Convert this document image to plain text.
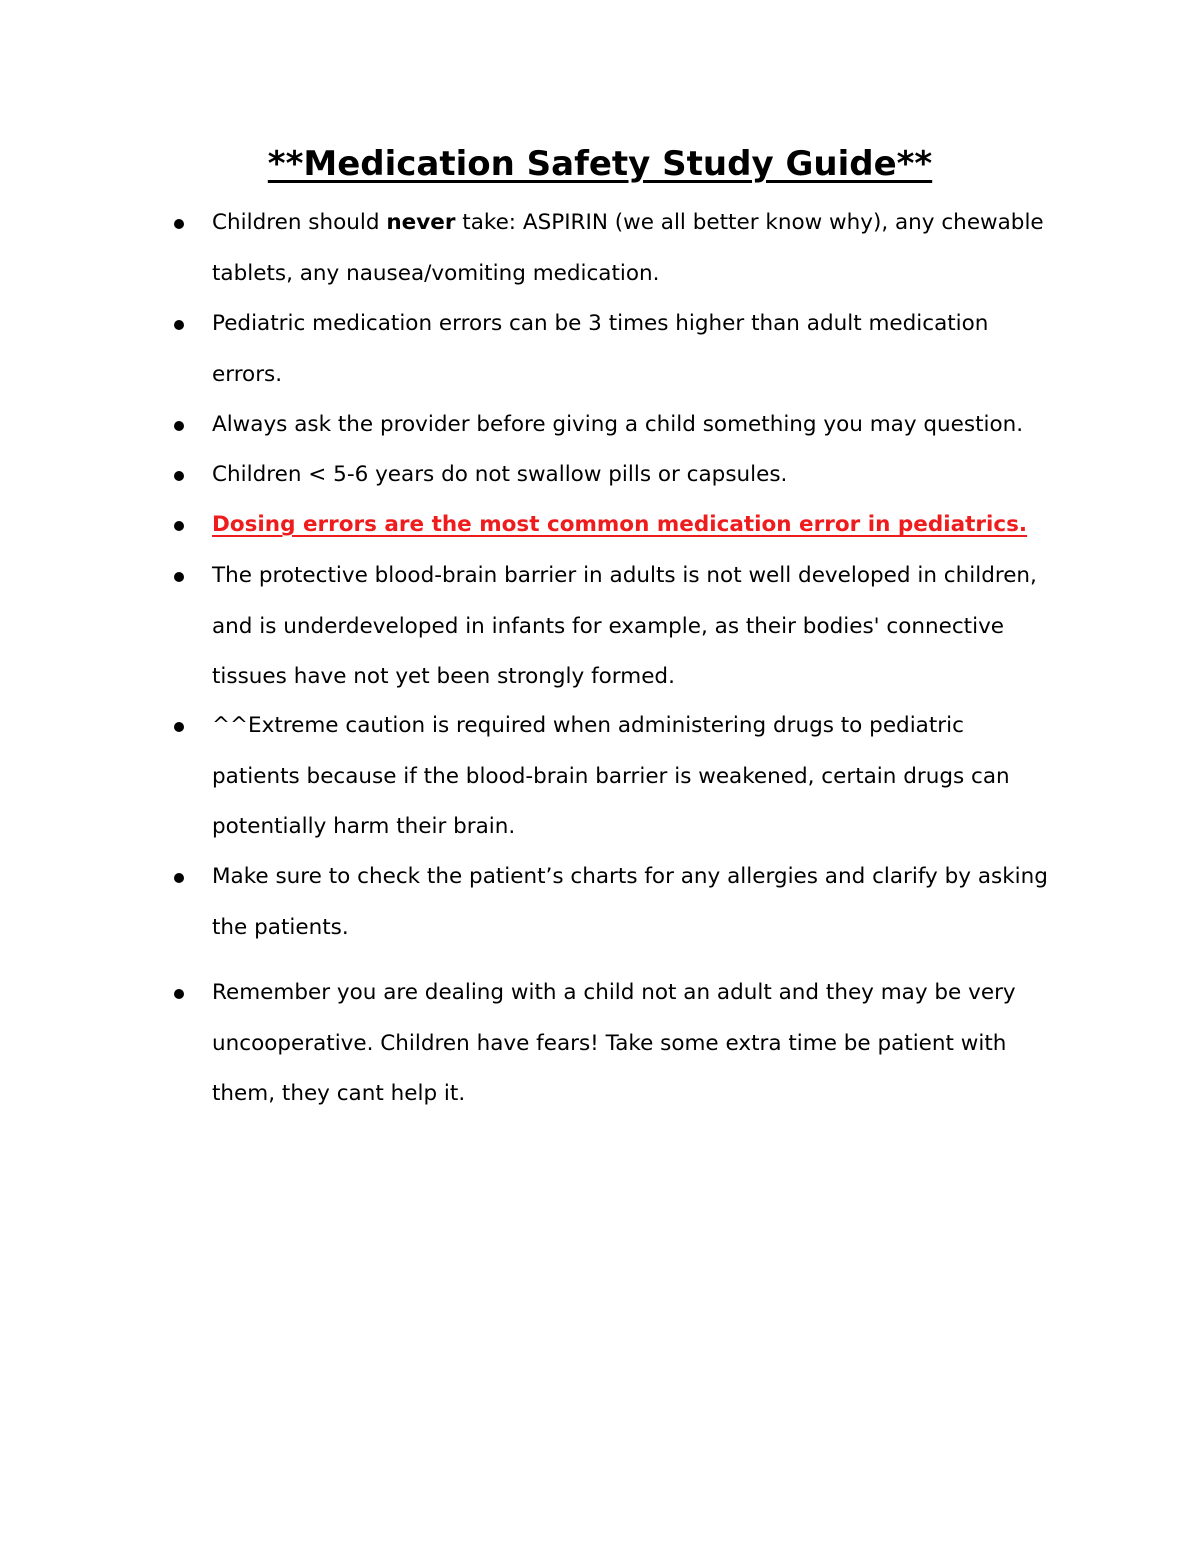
**Medication Safety Study Guide**
Children should never take: ASPIRIN (we all better know why), any chewable tablets, any nausea/vomiting medication.
Pediatric medication errors can be 3 times higher than adult medication errors.
Always ask the provider before giving a child something you may question.
Children < 5-6 years do not swallow pills or capsules.
Dosing errors are the most common medication error in pediatrics.
The protective blood-brain barrier in adults is not well developed in children, and is underdeveloped in infants for example, as their bodies' connective tissues have not yet been strongly formed.
^^Extreme caution is required when administering drugs to pediatric patients because if the blood-brain barrier is weakened, certain drugs can potentially harm their brain.
Make sure to check the patient’s charts for any allergies and clarify by asking the patients.
Remember you are dealing with a child not an adult and they may be very uncooperative. Children have fears! Take some extra time be patient with them, they cant help it.
